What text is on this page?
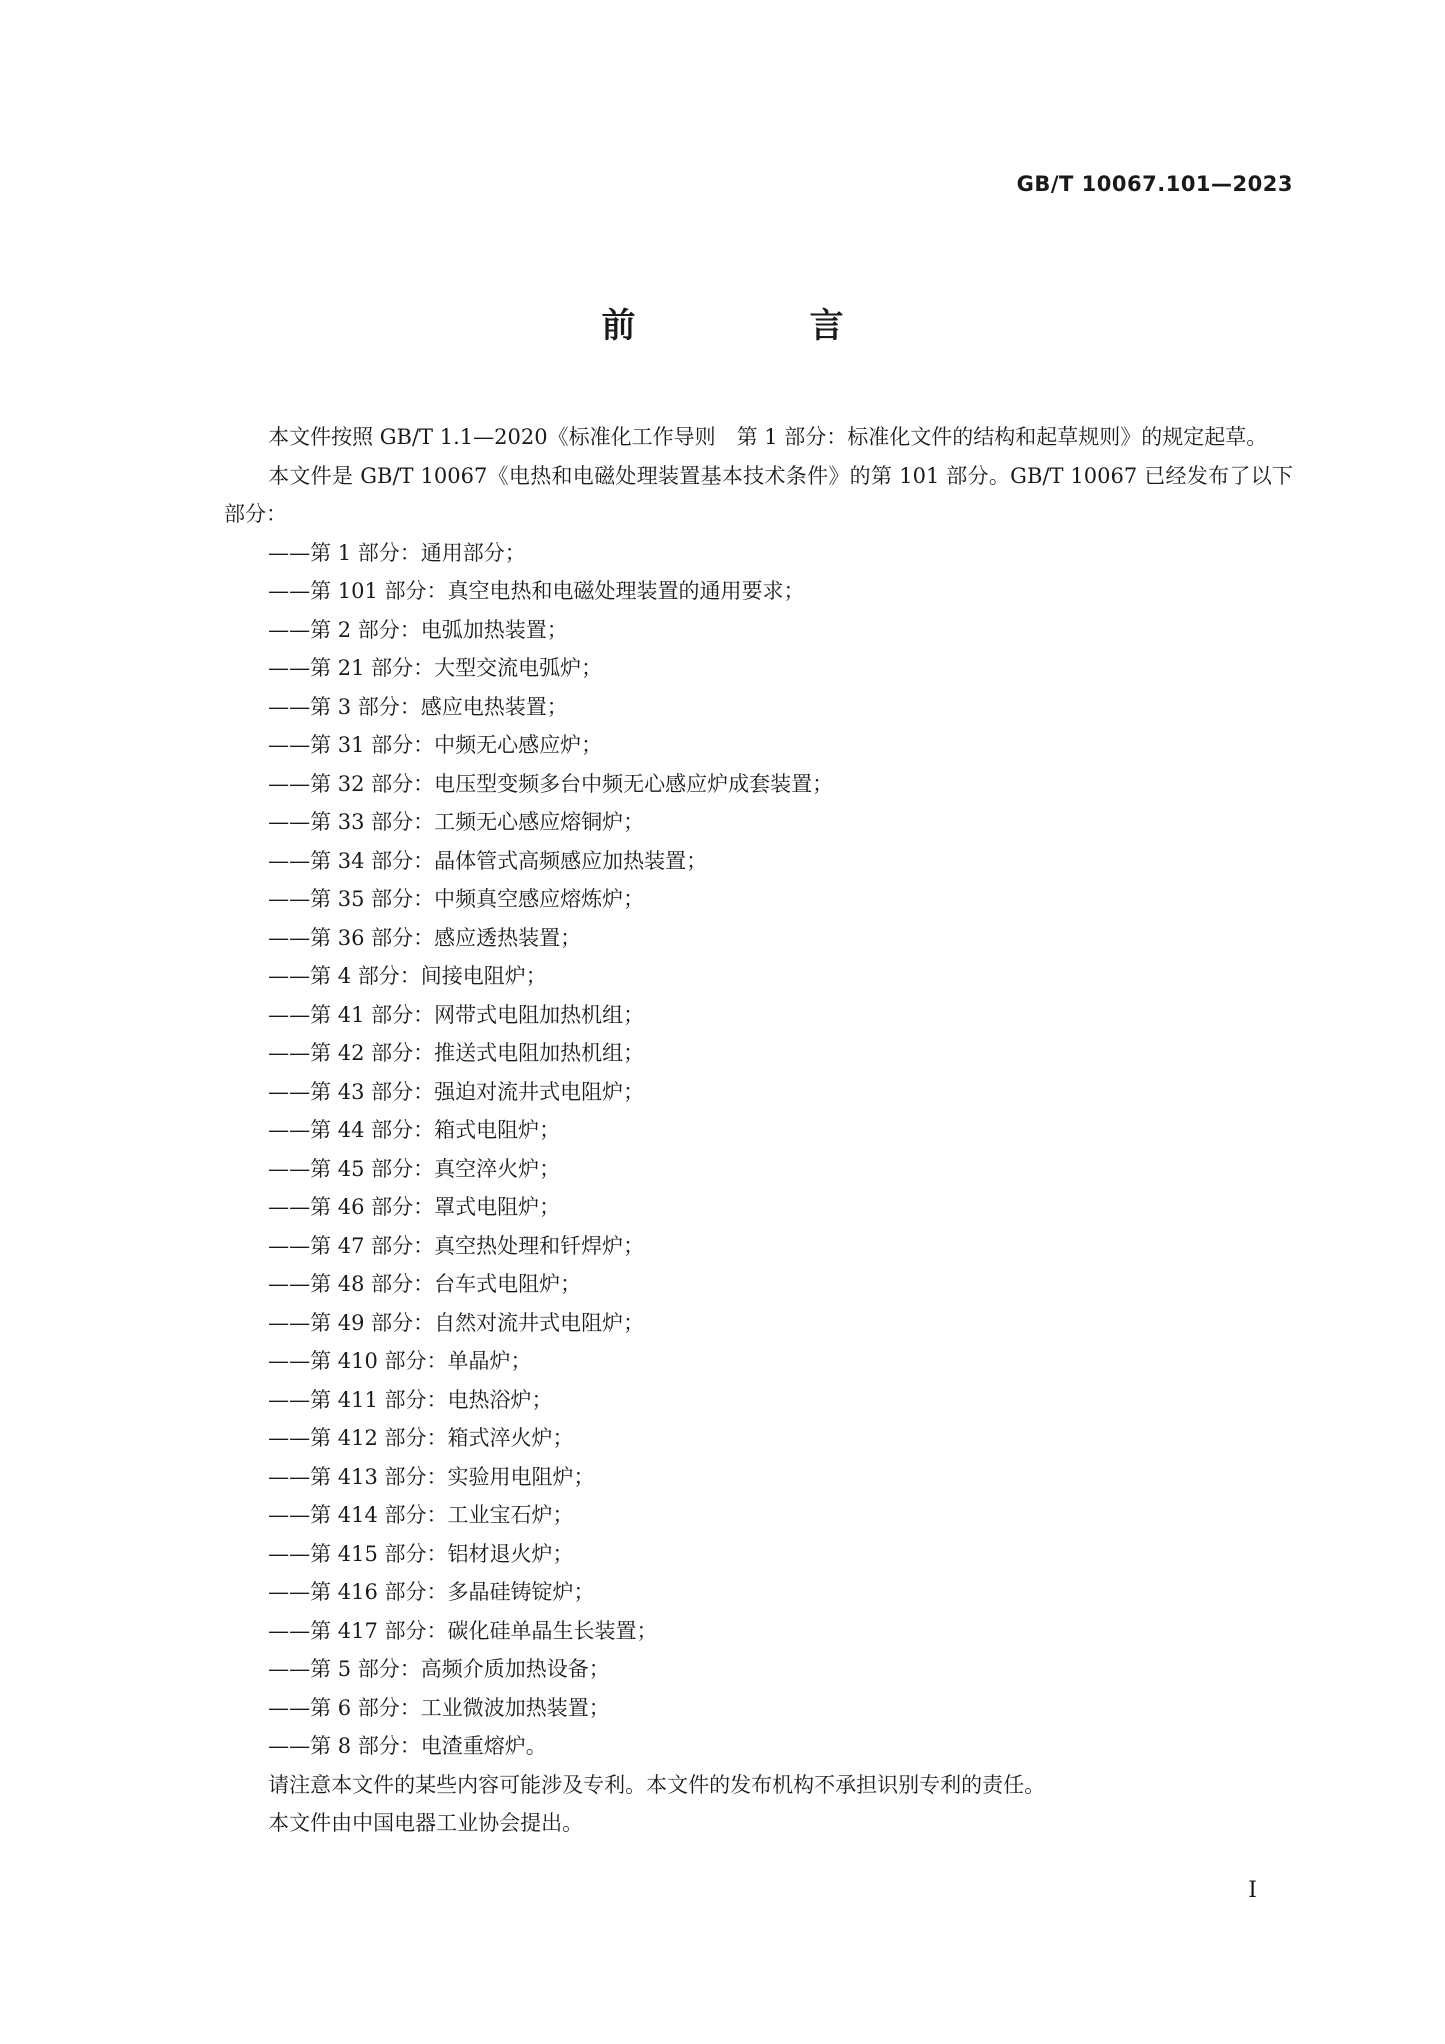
GB/T 10067.101—2023
前　言

本文件按照 GB/T 1.1—2020《标准化工作导则　第 1 部分：标准化文件的结构和起草规则》的规定起草。

本文件是 GB/T 10067《电热和电磁处理装置基本技术条件》的第 101 部分。GB/T 10067 已经发布了以下部分：

——第 1 部分：通用部分；
——第 101 部分：真空电热和电磁处理装置的通用要求；
——第 2 部分：电弧加热装置；
——第 21 部分：大型交流电弧炉；
——第 3 部分：感应电热装置；
——第 31 部分：中频无心感应炉；
——第 32 部分：电压型变频多台中频无心感应炉成套装置；
——第 33 部分：工频无心感应熔铜炉；
——第 34 部分：晶体管式高频感应加热装置；
——第 35 部分：中频真空感应熔炼炉；
——第 36 部分：感应透热装置；
——第 4 部分：间接电阻炉；
——第 41 部分：网带式电阻加热机组；
——第 42 部分：推送式电阻加热机组；
——第 43 部分：强迫对流井式电阻炉；
——第 44 部分：箱式电阻炉；
——第 45 部分：真空淬火炉；
——第 46 部分：罩式电阻炉；
——第 47 部分：真空热处理和钎焊炉；
——第 48 部分：台车式电阻炉；
——第 49 部分：自然对流井式电阻炉；
——第 410 部分：单晶炉；
——第 411 部分：电热浴炉；
——第 412 部分：箱式淬火炉；
——第 413 部分：实验用电阻炉；
——第 414 部分：工业宝石炉；
——第 415 部分：铝材退火炉；
——第 416 部分：多晶硅铸锭炉；
——第 417 部分：碳化硅单晶生长装置；
——第 5 部分：高频介质加热设备；
——第 6 部分：工业微波加热装置；
——第 8 部分：电渣重熔炉。

请注意本文件的某些内容可能涉及专利。本文件的发布机构不承担识别专利的责任。

本文件由中国电器工业协会提出。

I
